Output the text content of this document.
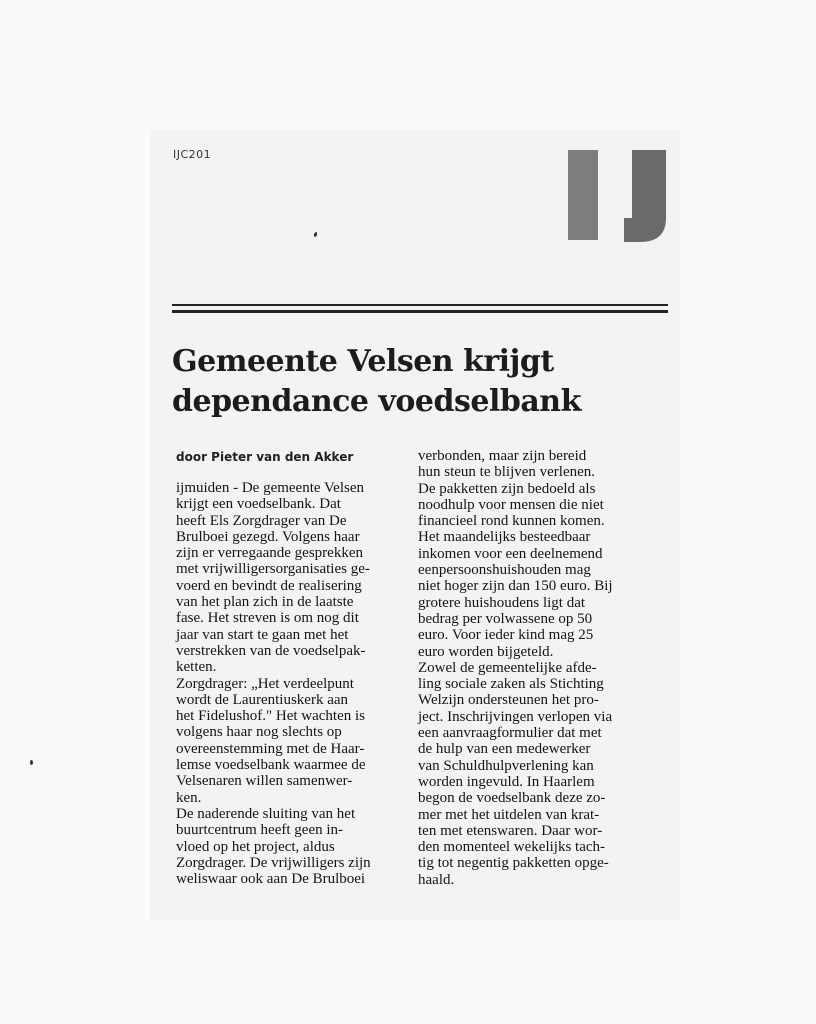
IJC201
Gemeente Velsen krijgt
dependance voedselbank
door Pieter van den Akker
ijmuiden - De gemeente Velsen
krijgt een voedselbank. Dat
heeft Els Zorgdrager van De
Brulboei gezegd. Volgens haar
zijn er verregaande gesprekken
met vrijwilligersorganisaties ge-
voerd en bevindt de realisering
van het plan zich in de laatste
fase. Het streven is om nog dit
jaar van start te gaan met het
verstrekken van de voedselpak-
ketten.
Zorgdrager: „Het verdeelpunt
wordt de Laurentiuskerk aan
het Fidelushof." Het wachten is
volgens haar nog slechts op
overeenstemming met de Haar-
lemse voedselbank waarmee de
Velsenaren willen samenwer-
ken.
De naderende sluiting van het
buurtcentrum heeft geen in-
vloed op het project, aldus
Zorgdrager. De vrijwilligers zijn
weliswaar ook aan De Brulboei
verbonden, maar zijn bereid
hun steun te blijven verlenen.
De pakketten zijn bedoeld als
noodhulp voor mensen die niet
financieel rond kunnen komen.
Het maandelijks besteedbaar
inkomen voor een deelnemend
eenpersoonshuishouden mag
niet hoger zijn dan 150 euro. Bij
grotere huishoudens ligt dat
bedrag per volwassene op 50
euro. Voor ieder kind mag 25
euro worden bijgeteld.
Zowel de gemeentelijke afde-
ling sociale zaken als Stichting
Welzijn ondersteunen het pro-
ject. Inschrijvingen verlopen via
een aanvraagformulier dat met
de hulp van een medewerker
van Schuldhulpverlening kan
worden ingevuld. In Haarlem
begon de voedselbank deze zo-
mer met het uitdelen van krat-
ten met etenswaren. Daar wor-
den momenteel wekelijks tach-
tig tot negentig pakketten opge-
haald.
